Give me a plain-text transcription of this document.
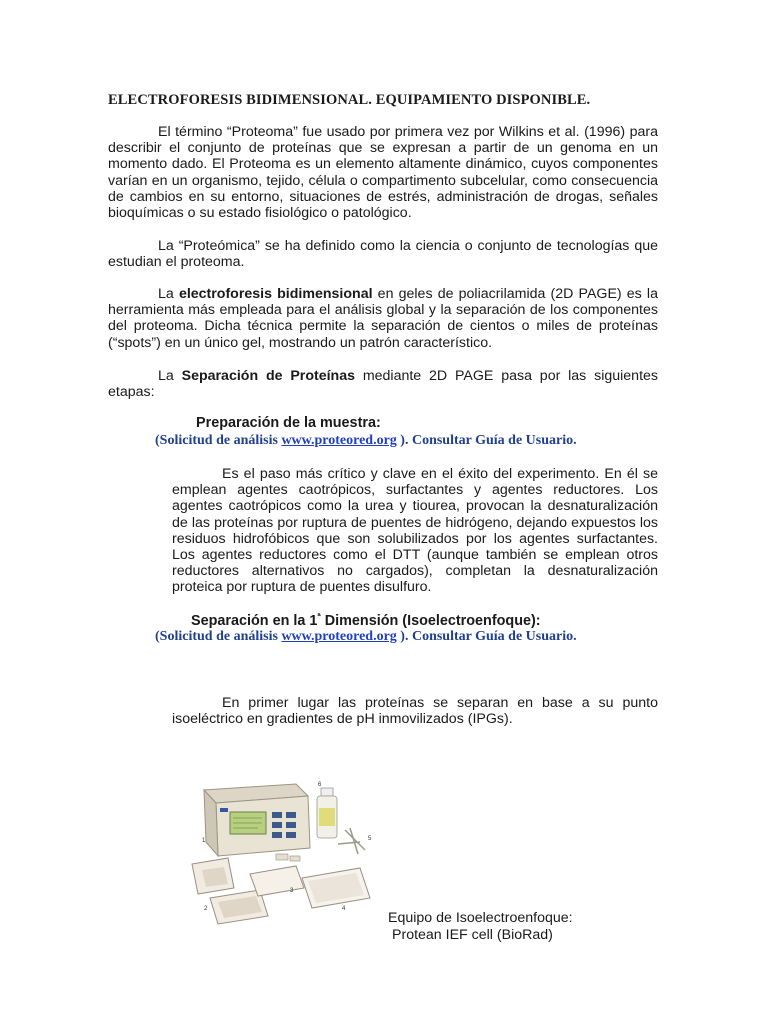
ELECTROFORESIS BIDIMENSIONAL. EQUIPAMIENTO DISPONIBLE.
El término “Proteoma” fue usado por primera vez por Wilkins et al. (1996) para describir el conjunto de proteínas que se expresan a partir de un genoma en un momento dado. El Proteoma es un elemento altamente dinámico, cuyos componentes varían en un organismo, tejido, célula o compartimento subcelular, como consecuencia de cambios en su entorno, situaciones de estrés, administración de drogas, señales bioquímicas o su estado fisiológico o patológico.
La “Proteómica” se ha definido como la ciencia o conjunto de tecnologías que estudian el proteoma.
La electroforesis bidimensional en geles de poliacrilamida (2D PAGE) es la herramienta más empleada para el análisis global y la separación de los componentes del proteoma. Dicha técnica permite la separación de cientos o miles de proteínas (“spots”) en un único gel, mostrando un patrón característico.
La Separación de Proteínas mediante 2D PAGE pasa por las siguientes etapas:
Preparación de la muestra:
(Solicitud de análisis www.proteored.org ). Consultar Guía de Usuario.
Es el paso más crítico y clave en el éxito del experimento. En él se emplean agentes caotrópicos, surfactantes y agentes reductores. Los agentes caotrópicos como la urea y tiourea, provocan la desnaturalización de las proteínas por ruptura de puentes de hidrógeno, dejando expuestos los residuos hidrofóbicos que son solubilizados por los agentes surfactantes. Los agentes reductores como el DTT (aunque también se emplean otros reductores alternativos no cargados), completan la desnaturalización proteica por ruptura de puentes disulfuro.
Separación en la $1^ª$ Dimensión (Isoelectroenfoque):
(Solicitud de análisis www.proteored.org ). Consultar Guía de Usuario.
En primer lugar las proteínas se separan en base a su punto isoeléctrico en gradientes de pH inmovilizados (IPGs).
1
2
3
4
5
6
Equipo de Isoelectroenfoque:
Protean IEF cell (BioRad)
